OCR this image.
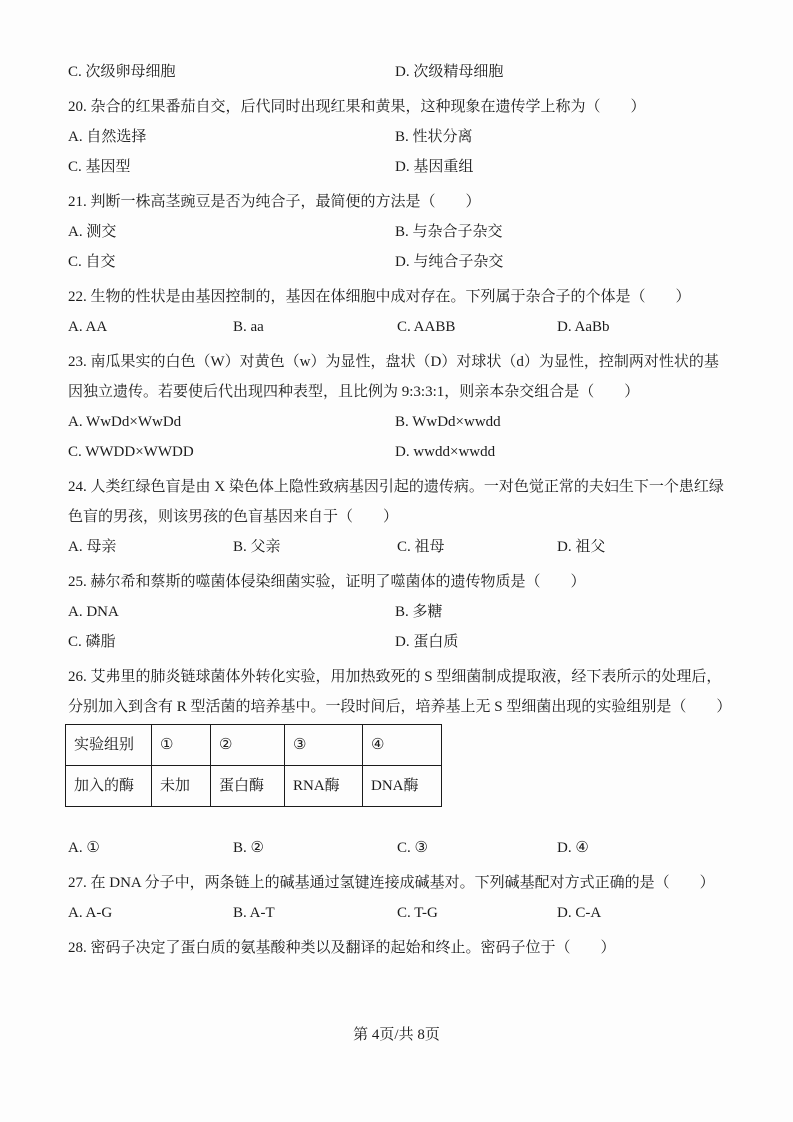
C. 次级卵母细胞	D. 次级精母细胞

20. 杂合的红果番茄自交，后代同时出现红果和黄果，这种现象在遗传学上称为（　　）

A. 自然选择	B. 性状分离
C. 基因型	D. 基因重组

21. 判断一株高茎豌豆是否为纯合子，最简便的方法是（　　）

A. 测交	B. 与杂合子杂交
C. 自交	D. 与纯合子杂交

22. 生物的性状是由基因控制的，基因在体细胞中成对存在。下列属于杂合子的个体是（　　）

A. AA	B. aa	C. AABB	D. AaBb

23. 南瓜果实的白色（W）对黄色（w）为显性，盘状（D）对球状（d）为显性，控制两对性状的基因独立遗传。若要使后代出现四种表型，且比例为 9:3:3:1，则亲本杂交组合是（　　）

A. WwDd×WwDd	B. WwDd×wwdd
C. WWDD×WWDD	D. wwdd×wwdd

24. 人类红绿色盲是由 X 染色体上隐性致病基因引起的遗传病。一对色觉正常的夫妇生下一个患红绿色盲的男孩，则该男孩的色盲基因来自于（　　）

A. 母亲	B. 父亲	C. 祖母	D. 祖父

25. 赫尔希和蔡斯的噬菌体侵染细菌实验，证明了噬菌体的遗传物质是（　　）

A. DNA	B. 多糖
C. 磷脂	D. 蛋白质

26. 艾弗里的肺炎链球菌体外转化实验，用加热致死的 S 型细菌制成提取液，经下表所示的处理后，分别加入到含有 R 型活菌的培养基中。一段时间后，培养基上无 S 型细菌出现的实验组别是（　　）

实验组别	①	②	③	④
加入的酶	未加	蛋白酶	RNA酶	DNA酶
A. ①	B. ②	C. ③	D. ④

27. 在 DNA 分子中，两条链上的碱基通过氢键连接成碱基对。下列碱基配对方式正确的是（　　）

A. A-G	B. A-T	C. T-G	D. C-A

28. 密码子决定了蛋白质的氨基酸种类以及翻译的起始和终止。密码子位于（　　）

第 4页/共 8页
